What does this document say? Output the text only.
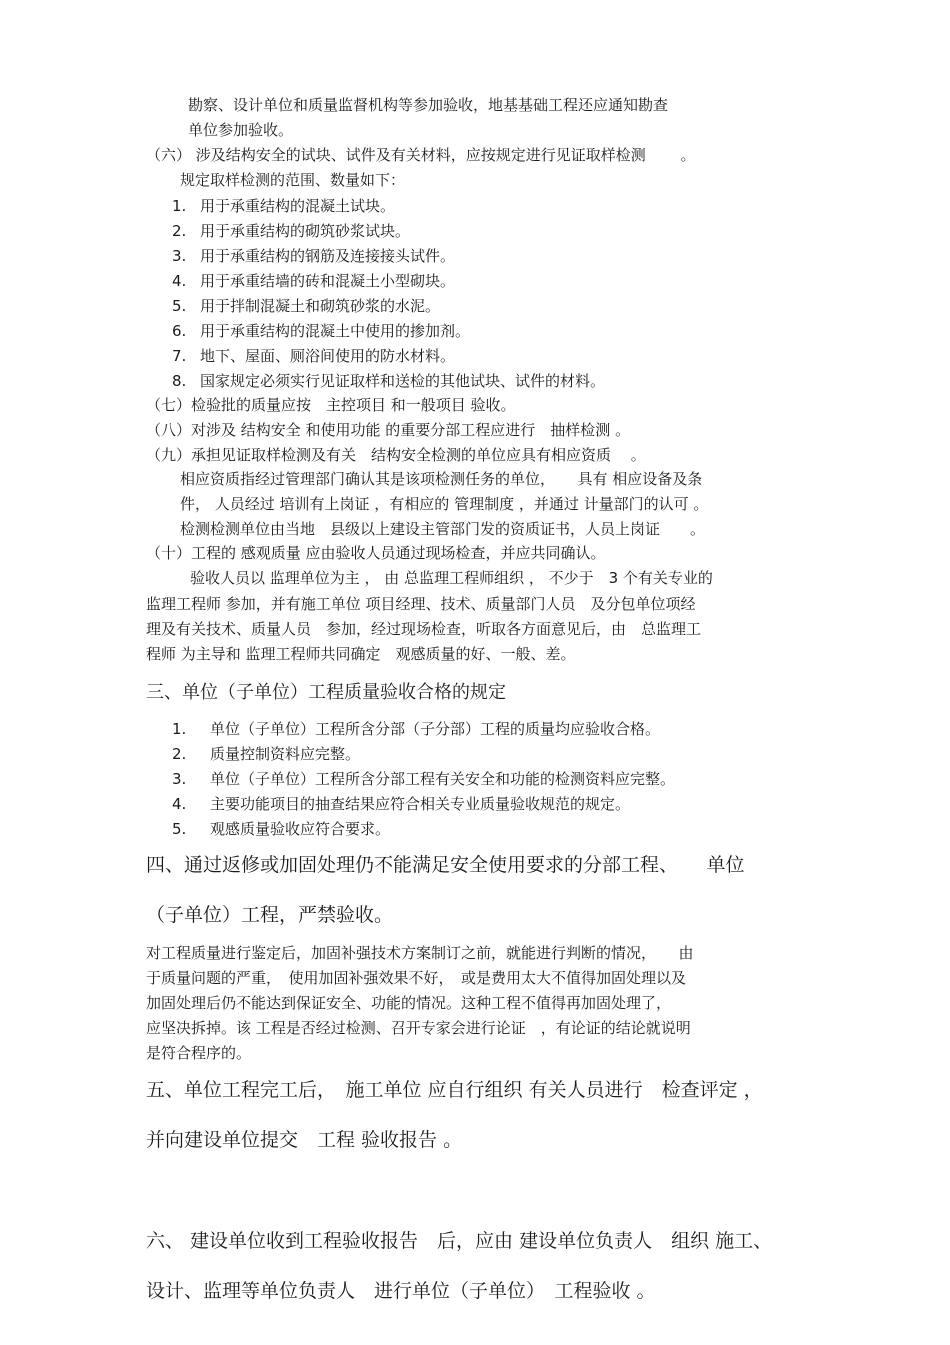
勘察、设计单位和质量监督机构等参加验收，地基基础工程还应通知勘查
单位参加验收。
（六） 涉及结构安全的试块、试件及有关材料，应按规定进行见证取样检测 　　。
规定取样检测的范围、数量如下：
1. 用于承重结构的混凝土试块。
2. 用于承重结构的砌筑砂浆试块。
3. 用于承重结构的钢筋及连接接头试件。
4. 用于承重结墙的砖和混凝土小型砌块。
5. 用于拌制混凝土和砌筑砂浆的水泥。
6. 用于承重结构的混凝土中使用的掺加剂。
7. 地下、屋面、厕浴间使用的防水材料。
8. 国家规定必须实行见证取样和送检的其他试块、试件的材料。
（七）检验批的质量应按　主控项目 和一般项目 验收。
（八）对涉及 结构安全 和使用功能 的重要分部工程应进行　抽样检测 。
（九）承担见证取样检测及有关　结构安全检测的单位应具有相应资质　 。
相应资质指经过管理部门确认其是该项检测任务的单位，　　具有 相应设备及条
件， 人员经过 培训有上岗证 ，有相应的 管理制度 ，并通过 计量部门的认可 。
检测检测单位由当地　县级以上建设主管部门发的资质证书，人员上岗证　　。
（十）工程的 感观质量 应由验收人员通过现场检查，并应共同确认。
验收人员以 监理单位为主 ， 由 总监理工程师组织 ， 不少于　3 个有关专业的
监理工程师 参加，并有施工单位 项目经理、技术、质量部门人员　及分包单位项经
理及有关技术、质量人员　参加，经过现场检查，听取各方面意见后，由　总监理工
程师 为主导和 监理工程师共同确定　观感质量的好、一般、差。
三、单位（子单位）工程质量验收合格的规定
1. 单位（子单位）工程所含分部（子分部）工程的质量均应验收合格。
2. 质量控制资料应完整。
3. 单位（子单位）工程所含分部工程有关安全和功能的检测资料应完整。
4. 主要功能项目的抽查结果应符合相关专业质量验收规范的规定。
5. 观感质量验收应符合要求。
四、通过返修或加固处理仍不能满足安全使用要求的分部工程、　　单位
（子单位）工程，严禁验收。
对工程质量进行鉴定后，加固补强技术方案制订之前，就能进行判断的情况，　　由
于质量问题的严重，　使用加固补强效果不好，　或是费用太大不值得加固处理以及
加固处理后仍不能达到保证安全、功能的情况。这种工程不值得再加固处理了，
应坚决拆掉。该 工程是否经过检测、召开专家会进行论证　，有论证的结论就说明
是符合程序的。
五、单位工程完工后，　施工单位 应自行组织 有关人员进行　检查评定 ，
并向建设单位提交　工程 验收报告 。
六、 建设单位收到工程验收报告　后，应由 建设单位负责人　组织 施工、
设计、监理等单位负责人　进行单位（子单位）　工程验收 。
